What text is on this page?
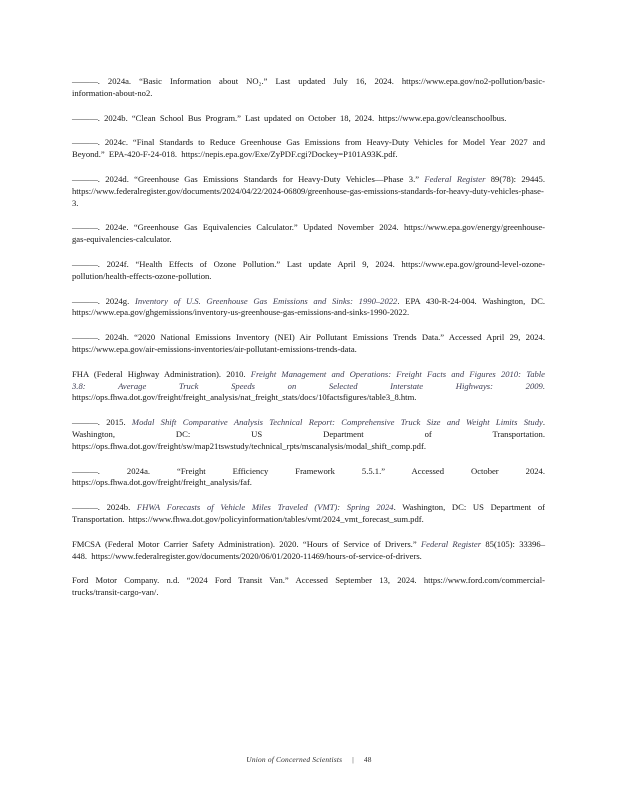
———. 2024a. “Basic Information about NO₂.” Last updated July 16, 2024. https://www.epa.gov/no2-pollution/basic-information-about-no2.

———. 2024b. “Clean School Bus Program.” Last updated on October 18, 2024. https://www.epa.gov/cleanschoolbus.

———. 2024c. “Final Standards to Reduce Greenhouse Gas Emissions from Heavy-Duty Vehicles for Model Year 2027 and Beyond.” EPA-420-F-24-018. https://nepis.epa.gov/Exe/ZyPDF.cgi?Dockey=P101A93K.pdf.

———. 2024d. “Greenhouse Gas Emissions Standards for Heavy-Duty Vehicles—Phase 3.” Federal Register 89(78): 29445. https://www.federalregister.gov/documents/2024/04/22/2024-06809/greenhouse-gas-emissions-standards-for-heavy-duty-vehicles-phase-3.

———. 2024e. “Greenhouse Gas Equivalencies Calculator.” Updated November 2024. https://www.epa.gov/energy/greenhouse-gas-equivalencies-calculator.

———. 2024f. “Health Effects of Ozone Pollution.” Last update April 9, 2024. https://www.epa.gov/ground-level-ozone-pollution/health-effects-ozone-pollution.

———. 2024g. Inventory of U.S. Greenhouse Gas Emissions and Sinks: 1990–2022. EPA 430-R-24-004. Washington, DC. https://www.epa.gov/ghgemissions/inventory-us-greenhouse-gas-emissions-and-sinks-1990-2022.

———. 2024h. “2020 National Emissions Inventory (NEI) Air Pollutant Emissions Trends Data.” Accessed April 29, 2024. https://www.epa.gov/air-emissions-inventories/air-pollutant-emissions-trends-data.

FHA (Federal Highway Administration). 2010. Freight Management and Operations: Freight Facts and Figures 2010: Table 3.8: Average Truck Speeds on Selected Interstate Highways: 2009. https://ops.fhwa.dot.gov/freight/freight_analysis/nat_freight_stats/docs/10factsfigures/table3_8.htm.

———. 2015. Modal Shift Comparative Analysis Technical Report: Comprehensive Truck Size and Weight Limits Study. Washington, DC: US Department of Transportation. https://ops.fhwa.dot.gov/freight/sw/map21tswstudy/technical_rpts/mscanalysis/modal_shift_comp.pdf.

———. 2024a. “Freight Efficiency Framework 5.5.1.” Accessed October 2024. https://ops.fhwa.dot.gov/freight/freight_analysis/faf.

———. 2024b. FHWA Forecasts of Vehicle Miles Traveled (VMT): Spring 2024. Washington, DC: US Department of Transportation. https://www.fhwa.dot.gov/policyinformation/tables/vmt/2024_vmt_forecast_sum.pdf.

FMCSA (Federal Motor Carrier Safety Administration). 2020. “Hours of Service of Drivers.” Federal Register 85(105): 33396–448. https://www.federalregister.gov/documents/2020/06/01/2020-11469/hours-of-service-of-drivers.

Ford Motor Company. n.d. “2024 Ford Transit Van.” Accessed September 13, 2024. https://www.ford.com/commercial-trucks/transit-cargo-van/.

Union of Concerned Scientists | 48
